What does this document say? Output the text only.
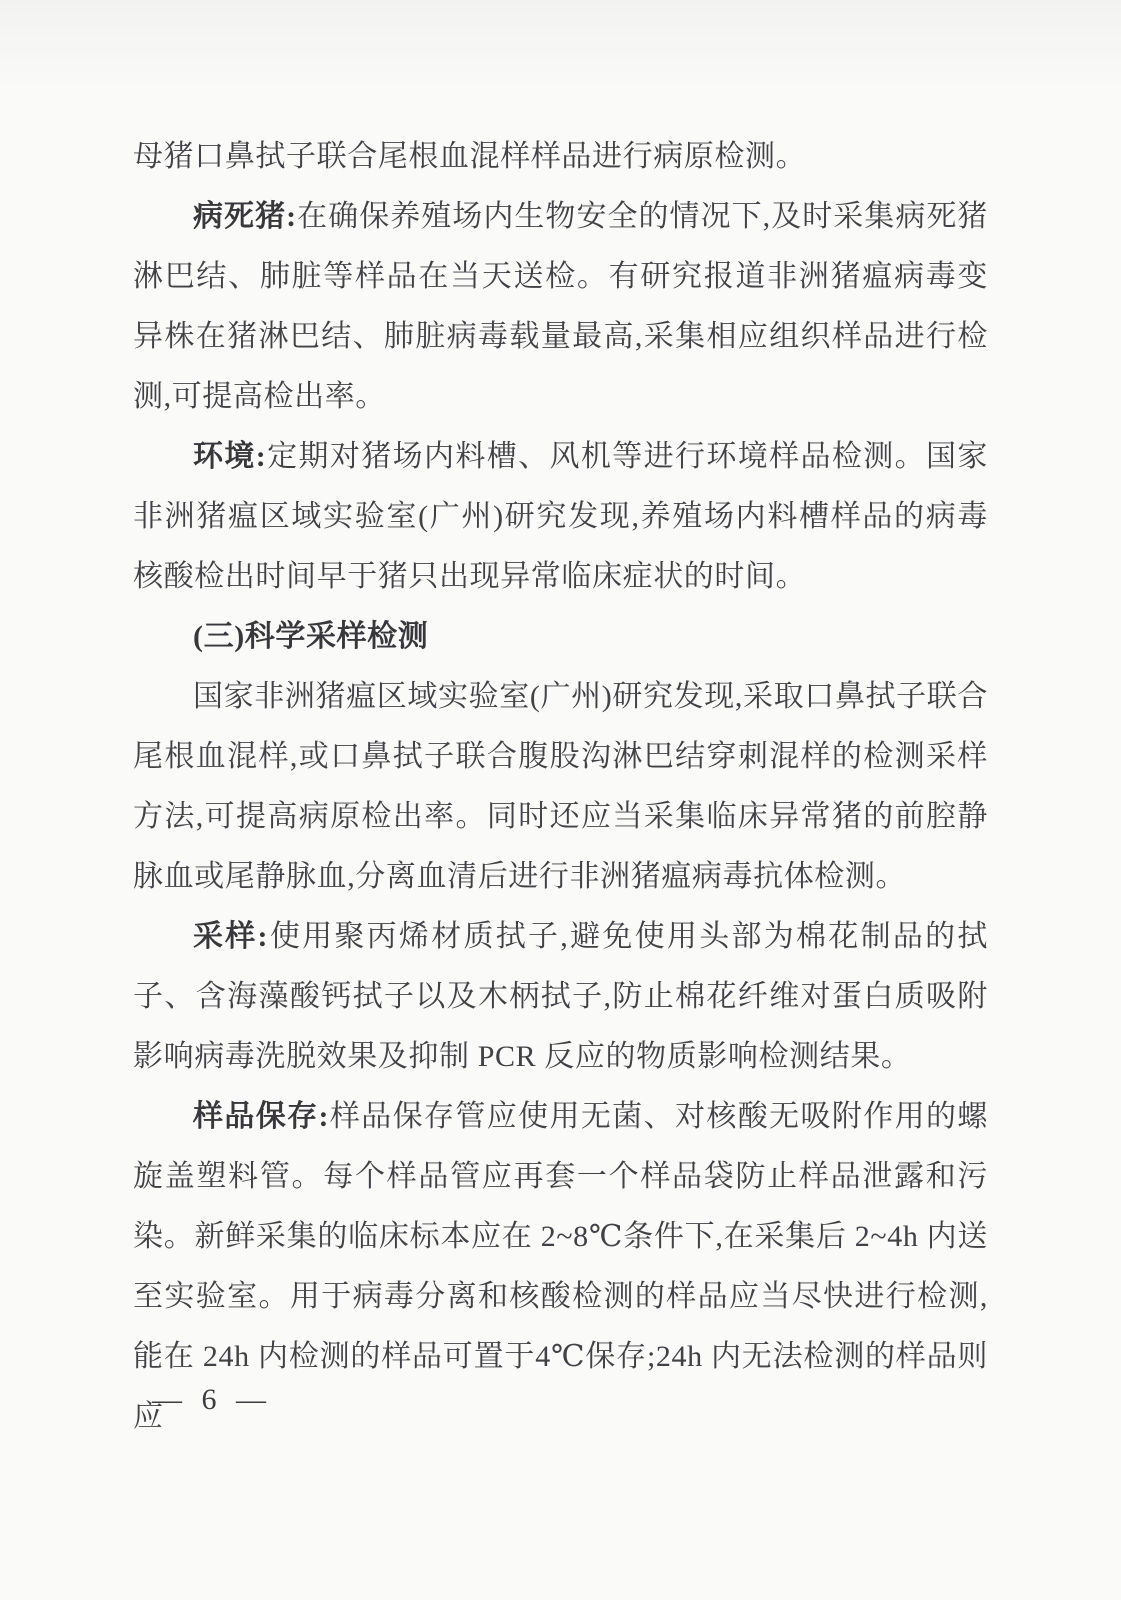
母猪口鼻拭子联合尾根血混样样品进行病原检测。

病死猪:在确保养殖场内生物安全的情况下,及时采集病死猪淋巴结、肺脏等样品在当天送检。有研究报道非洲猪瘟病毒变异株在猪淋巴结、肺脏病毒载量最高,采集相应组织样品进行检测,可提高检出率。

环境:定期对猪场内料槽、风机等进行环境样品检测。国家非洲猪瘟区域实验室(广州)研究发现,养殖场内料槽样品的病毒核酸检出时间早于猪只出现异常临床症状的时间。

(三)科学采样检测

国家非洲猪瘟区域实验室(广州)研究发现,采取口鼻拭子联合尾根血混样,或口鼻拭子联合腹股沟淋巴结穿刺混样的检测采样方法,可提高病原检出率。同时还应当采集临床异常猪的前腔静脉血或尾静脉血,分离血清后进行非洲猪瘟病毒抗体检测。

采样:使用聚丙烯材质拭子,避免使用头部为棉花制品的拭子、含海藻酸钙拭子以及木柄拭子,防止棉花纤维对蛋白质吸附影响病毒洗脱效果及抑制 PCR 反应的物质影响检测结果。

样品保存:样品保存管应使用无菌、对核酸无吸附作用的螺旋盖塑料管。每个样品管应再套一个样品袋防止样品泄露和污染。新鲜采集的临床标本应在 2~8℃条件下,在采集后 2~4h 内送至实验室。用于病毒分离和核酸检测的样品应当尽快进行检测,能在 24h 内检测的样品可置于4℃保存;24h 内无法检测的样品则应

— 6 —
